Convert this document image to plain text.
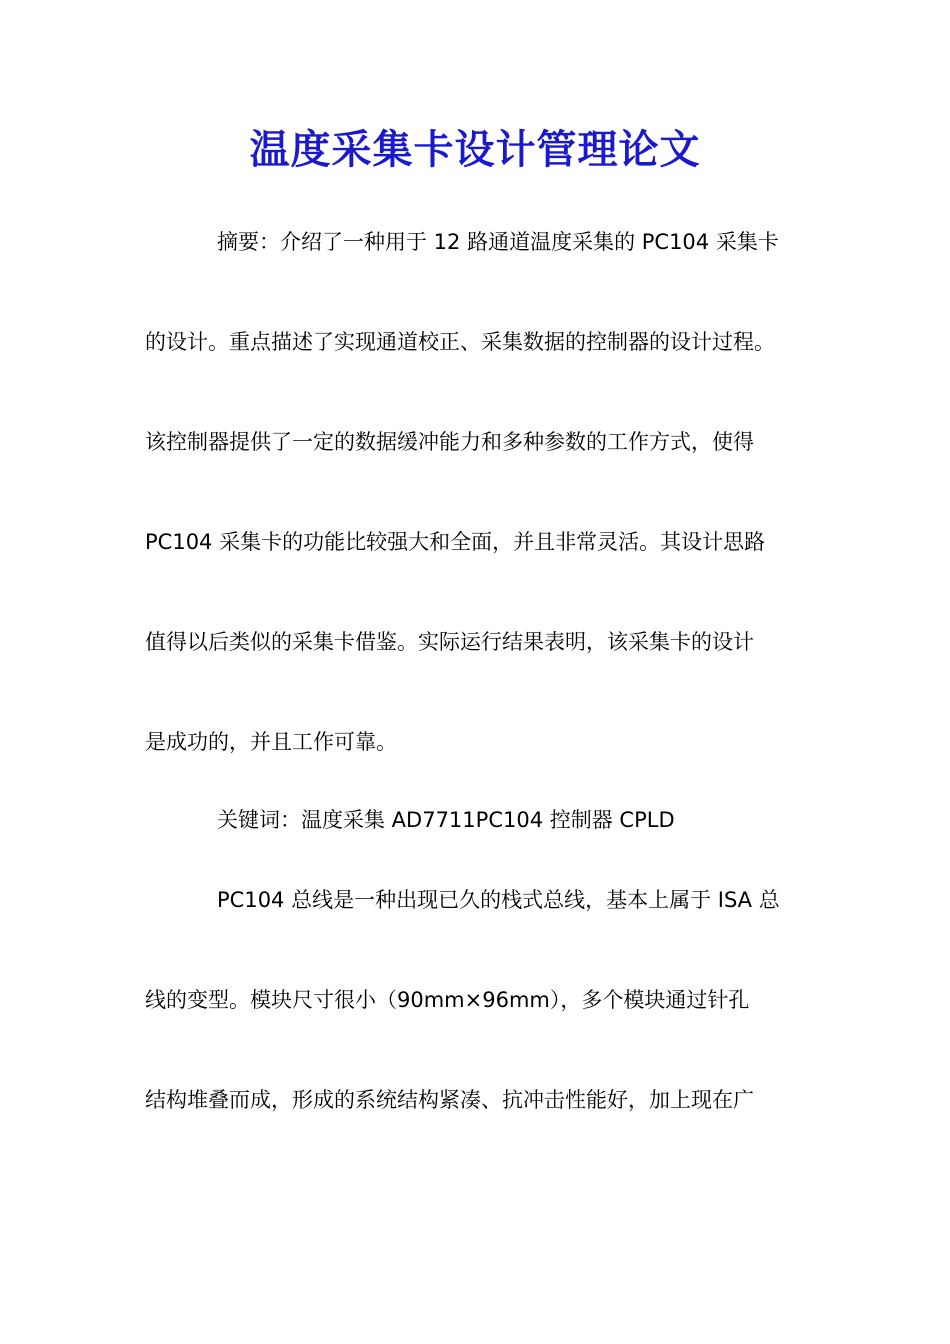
温度采集卡设计管理论文
摘要：介绍了一种用于 12 路通道温度采集的 PC104 采集卡
的设计。重点描述了实现通道校正、采集数据的控制器的设计过程。
该控制器提供了一定的数据缓冲能力和多种参数的工作方式，使得
PC104 采集卡的功能比较强大和全面，并且非常灵活。其设计思路
值得以后类似的采集卡借鉴。实际运行结果表明，该采集卡的设计
是成功的，并且工作可靠。
关键词：温度采集 AD7711PC104 控制器 CPLD
PC104 总线是一种出现已久的栈式总线，基本上属于 ISA 总
线的变型。模块尺寸很小（90mm×96mm），多个模块通过针孔
结构堆叠而成，形成的系统结构紧凑、抗冲击性能好，加上现在广
